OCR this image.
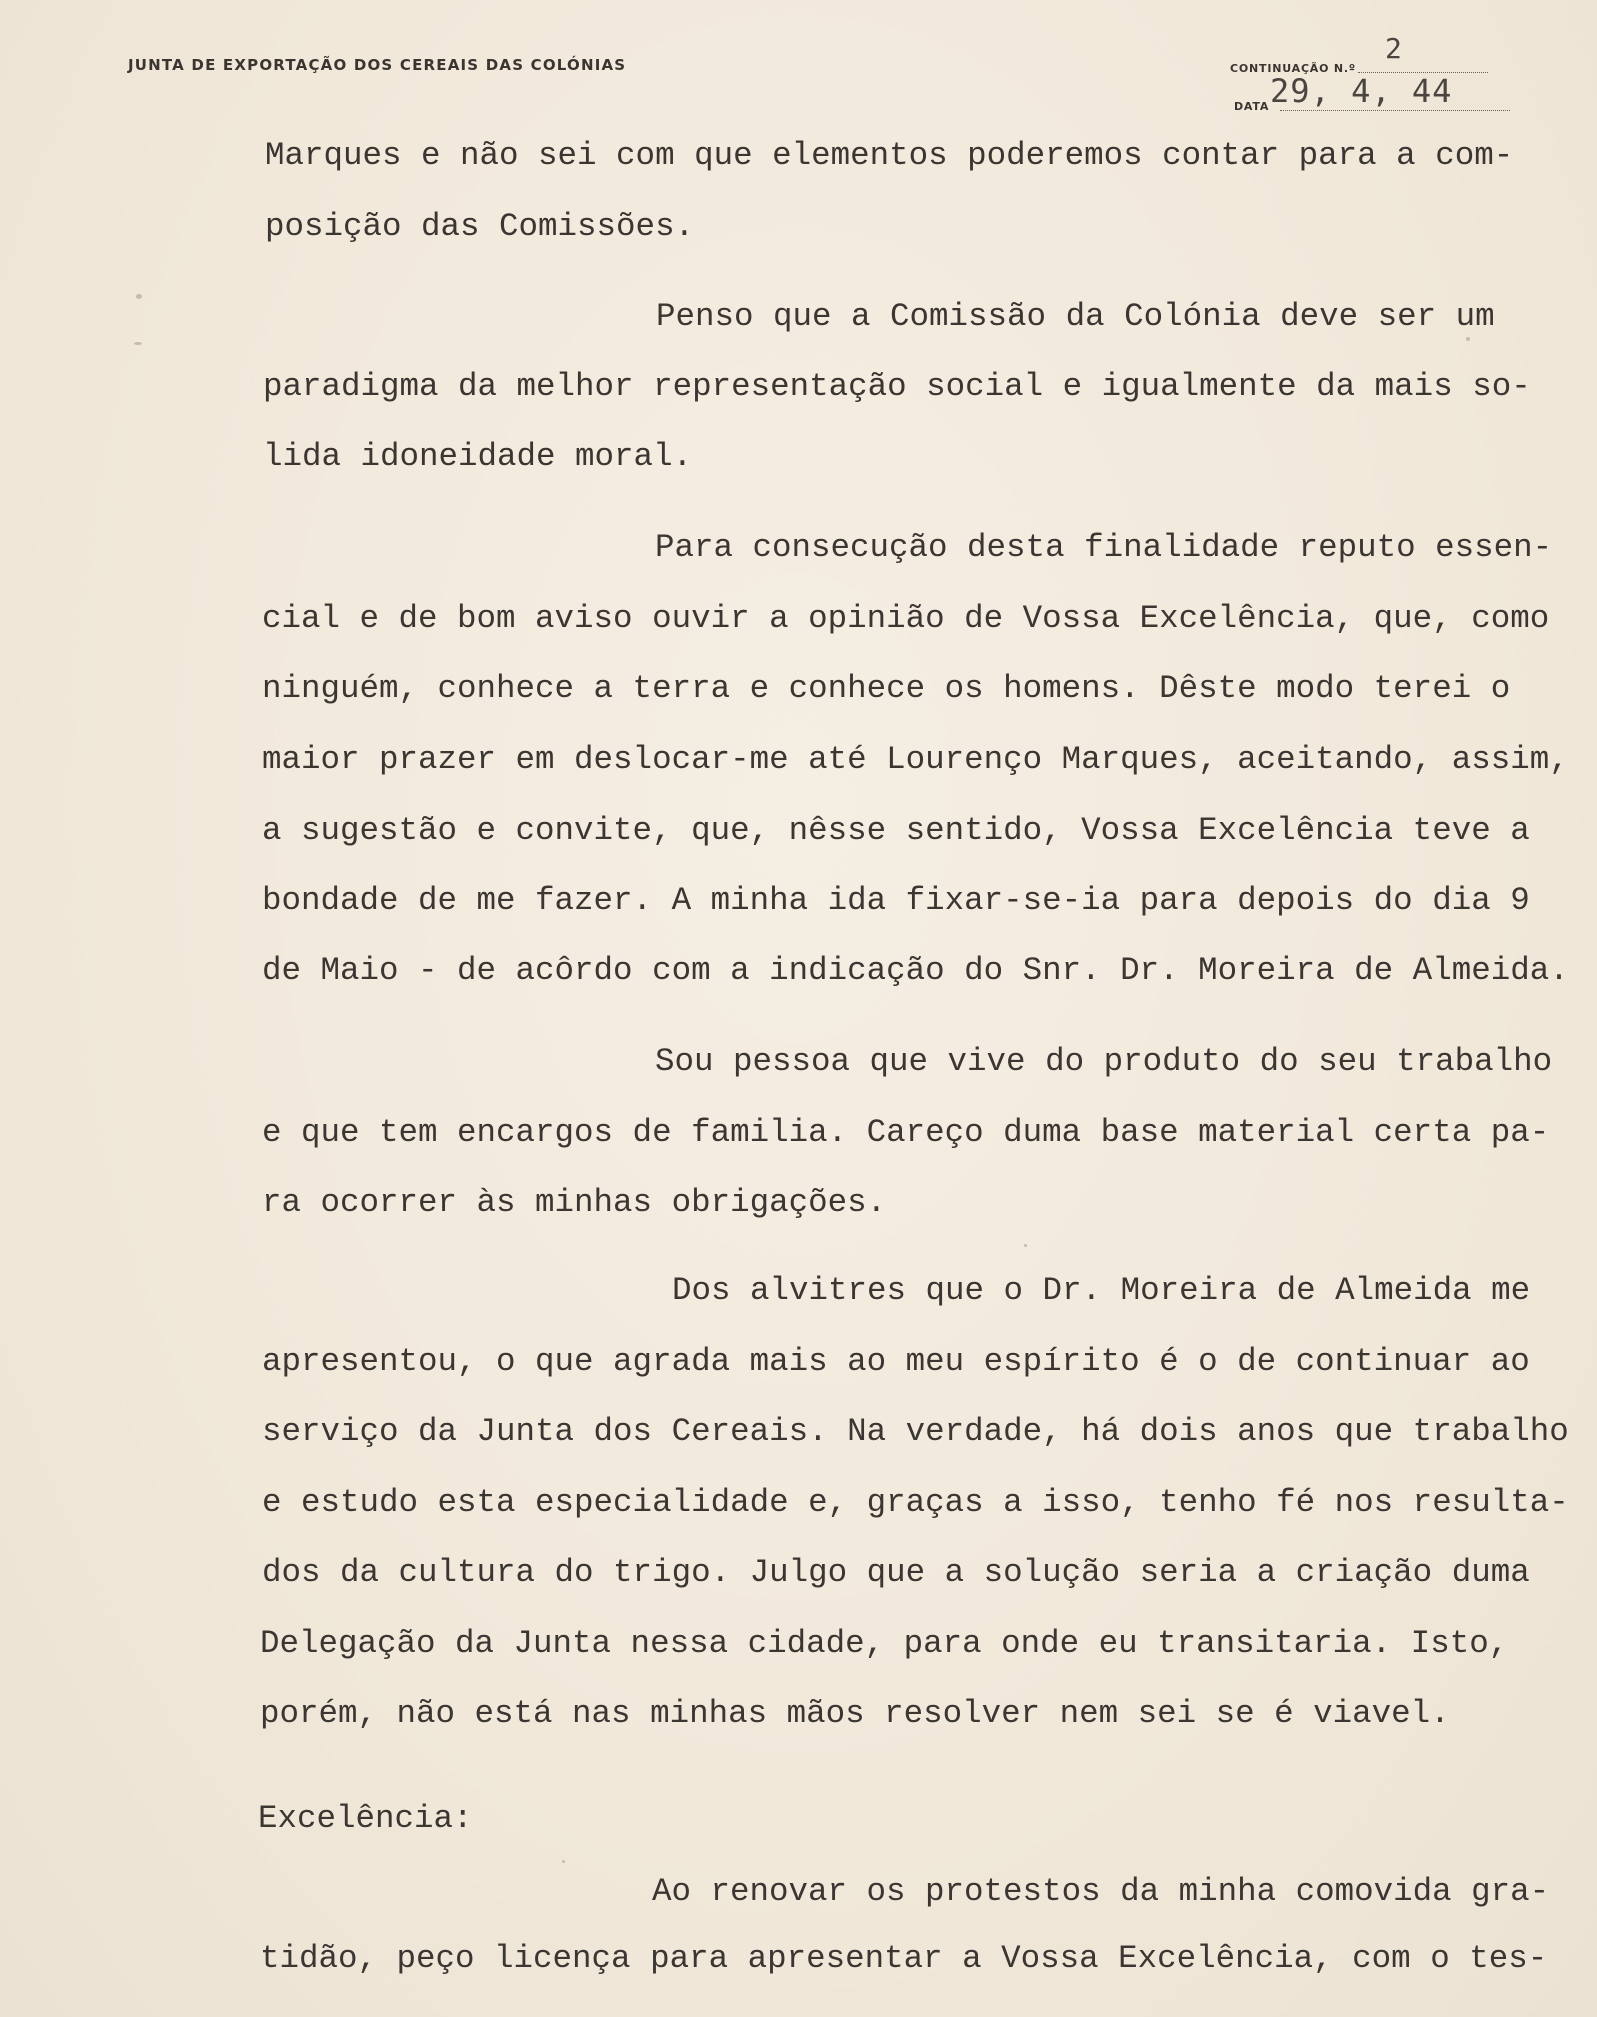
JUNTA DE EXPORTAÇÃO DOS CEREAIS DAS COLÓNIAS	CONTINUAÇÃO N.º
2
DATA 29, 4, 44
Marques e não sei com que elementos poderemos contar para a com-
posição das Comissões.
Penso que a Comissão da Colónia deve ser um
paradigma da melhor representação social e igualmente da mais so-
lida idoneidade moral.
Para consecução desta finalidade reputo essen-
cial e de bom aviso ouvir a opinião de Vossa Excelência, que, como
ninguém, conhece a terra e conhece os homens. Dêste modo terei o
maior prazer em deslocar-me até Lourenço Marques, aceitando, assim,
a sugestão e convite, que, nêsse sentido, Vossa Excelência teve a
bondade de me fazer. A minha ida fixar-se-ia para depois do dia 9
de Maio - de acôrdo com a indicação do Snr. Dr. Moreira de Almeida.
Sou pessoa que vive do produto do seu trabalho
e que tem encargos de familia. Careço duma base material certa pa-
ra ocorrer às minhas obrigações.
Dos alvitres que o Dr. Moreira de Almeida me
apresentou, o que agrada mais ao meu espírito é o de continuar ao
serviço da Junta dos Cereais. Na verdade, há dois anos que trabalho
e estudo esta especialidade e, graças a isso, tenho fé nos resulta-
dos da cultura do trigo. Julgo que a solução seria a criação duma
Delegação da Junta nessa cidade, para onde eu transitaria. Isto,
porém, não está nas minhas mãos resolver nem sei se é viavel.
Excelência:
Ao renovar os protestos da minha comovida gra-
tidão, peço licença para apresentar a Vossa Excelência, com o tes-
